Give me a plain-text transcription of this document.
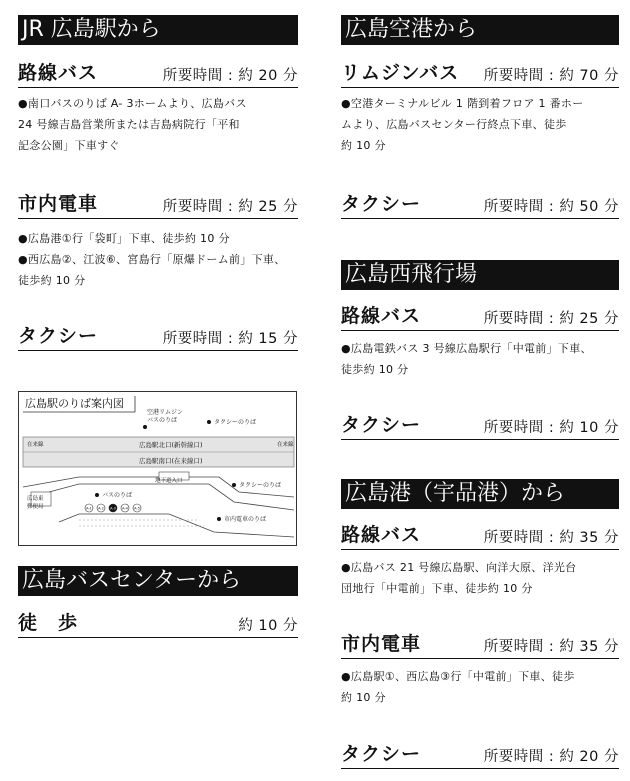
JR 広島駅から
路線バス	所要時間 : 約 20 分

●南口バスのりば A- 3ホームより、広島バス

24 号線吉島営業所または吉島病院行「平和

記念公園」下車すぐ

市内電車	所要時間 : 約 25 分

●広島港①行「袋町」下車、徒歩約 10 分

●西広島②、江波⑥、宮島行「原爆ドーム前」下車、

徒歩約 10 分

タクシー	所要時間 : 約 15 分
広島駅のりば案内図
空港リムジン
バスのりば	タクシーのりば
在来線	在来線
広島駅北口(新幹線口)
広島駅南口(在来線口)
地下道入口
広島東
郵便局
バスのりば
タクシーのりば
A-1 A-2 A-3 A-4 A-5
市内電車のりば
広島バスセンターから
徒　歩	約 10 分
広島空港から
リムジンバス 所要時間 : 約 70 分

●空港ターミナルビル 1 階到着フロア 1 番ホー

ムより、広島バスセンター行終点下車、徒歩

約 10 分

タクシー	所要時間 : 約 50 分
広島西飛行場
路線バス	所要時間 : 約 25 分

●広島電鉄バス 3 号線広島駅行「中電前」下車、

徒歩約 10 分

タクシー	所要時間 : 約 10 分
広島港（宇品港）から
路線バス	所要時間 : 約 35 分

●広島バス 21 号線広島駅、向洋大原、洋光台

団地行「中電前」下車、徒歩約 10 分

市内電車	所要時間 : 約 35 分

●広島駅①、西広島③行「中電前」下車、徒歩

約 10 分

タクシー	所要時間 : 約 20 分
